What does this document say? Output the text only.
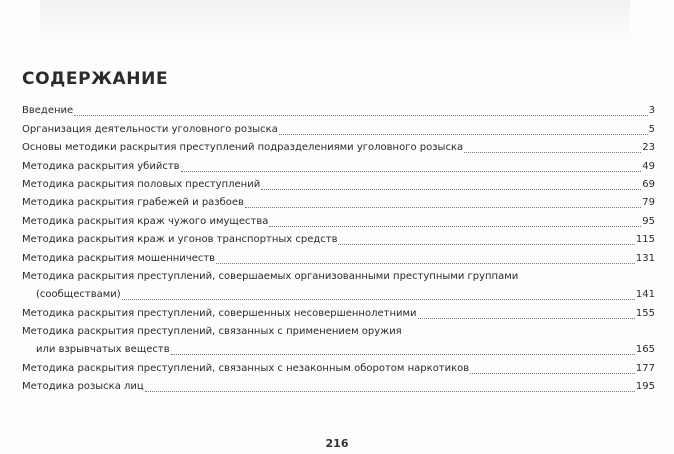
СОДЕРЖАНИЕ
Введение	3
Организация деятельности уголовного розыска	5
Основы методики раскрытия преступлений подразделениями уголовного розыска	23
Методика раскрытия убийств	49
Методика раскрытия половых преступлений	69
Методика раскрытия грабежей и разбоев	79
Методика раскрытия краж чужого имущества	95
Методика раскрытия краж и угонов транспортных средств	115
Методика раскрытия мошенничеств	131
Методика раскрытия преступлений, совершаемых организованными преступными группами
(сообществами)	141
Методика раскрытия преступлений, совершенных несовершеннолетними	155
Методика раскрытия преступлений, связанных с применением оружия
или взрывчатых веществ	165
Методика раскрытия преступлений, связанных с незаконным оборотом наркотиков	177
Методика розыска лиц	195
216
